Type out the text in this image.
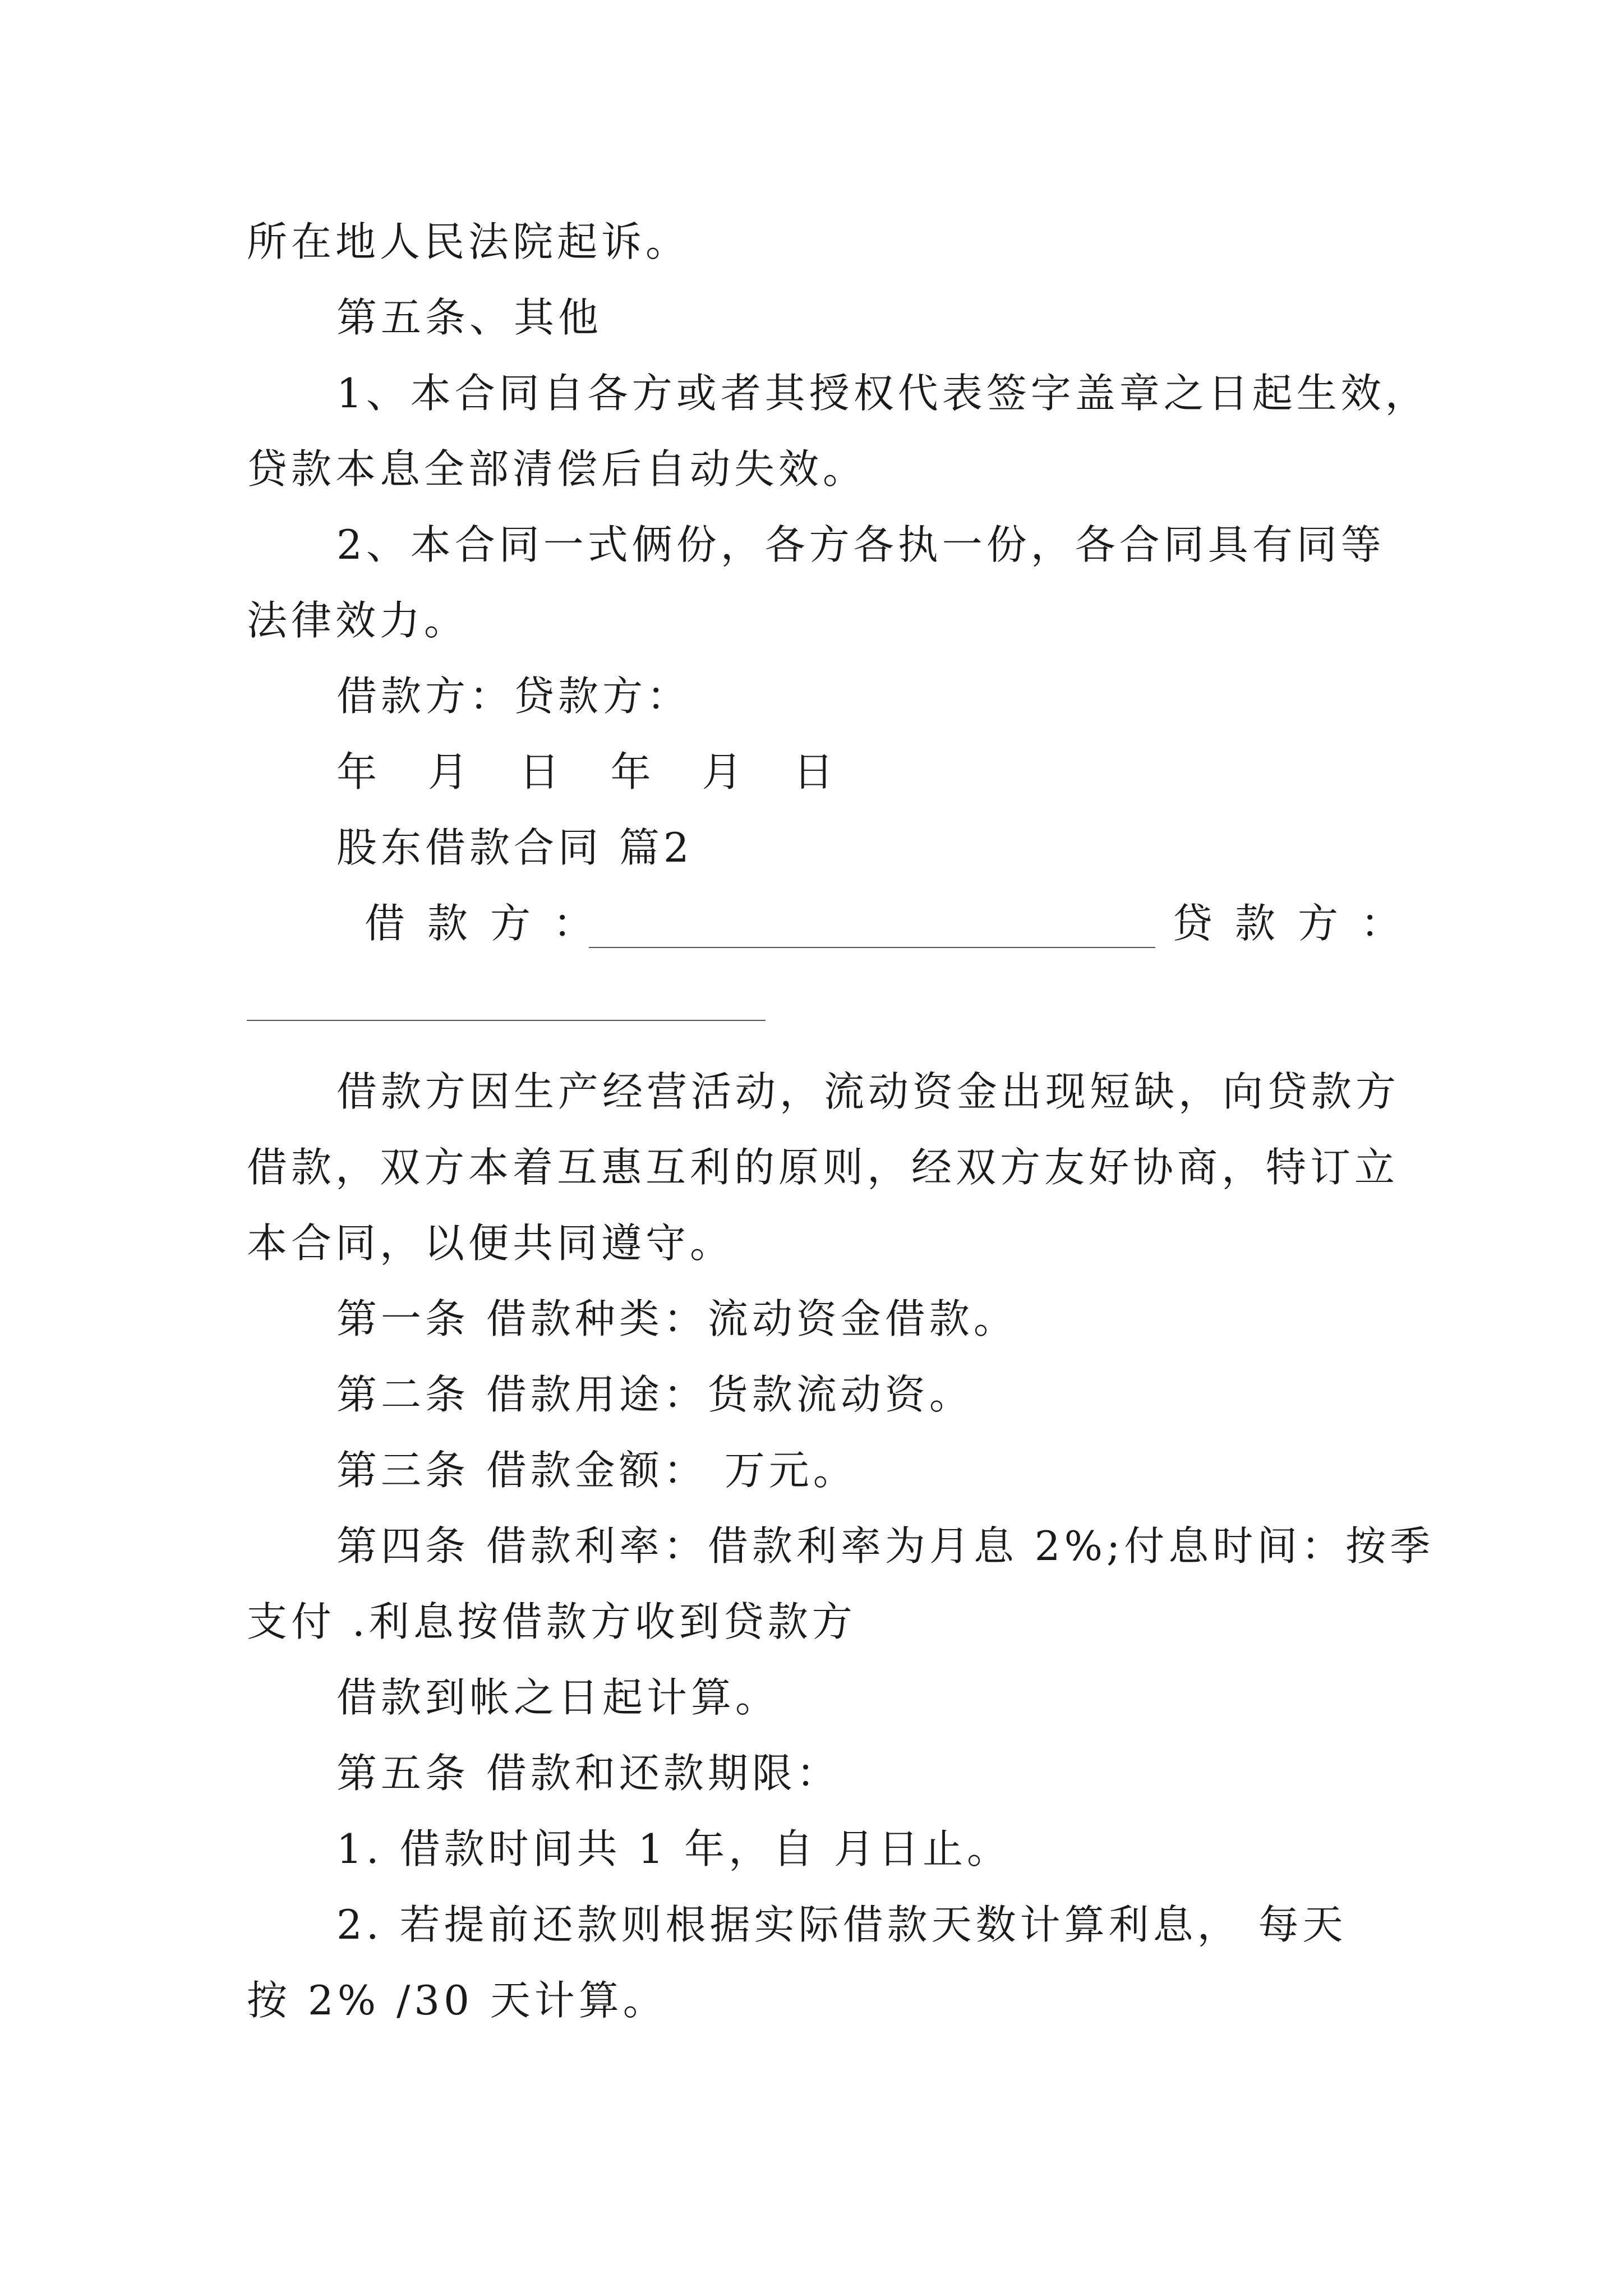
所在地人民法院起诉。

第五条、其他

1、本合同自各方或者其授权代表签字盖章之日起生效，

贷款本息全部清偿后自动失效。

2、本合同一式俩份，各方各执一份，各合同具有同等

法律效力。

借款方：贷款方：

年 月 日 年 月 日

股东借款合同 篇2

借款方：	贷款方：

借款方因生产经营活动，流动资金出现短缺，向贷款方

借款，双方本着互惠互利的原则，经双方友好协商，特订立

本合同，以便共同遵守。

第一条 借款种类：流动资金借款。

第二条 借款用途：货款流动资。

第三条 借款金额： 万元。

第四条 借款利率：借款利率为月息 2%;付息时间：按季

支付 .利息按借款方收到贷款方

借款到帐之日起计算。

第五条 借款和还款期限：

1. 借款时间共 1 年，自 月日止。

2. 若提前还款则根据实际借款天数计算利息， 每天

按 2% /30 天计算。
